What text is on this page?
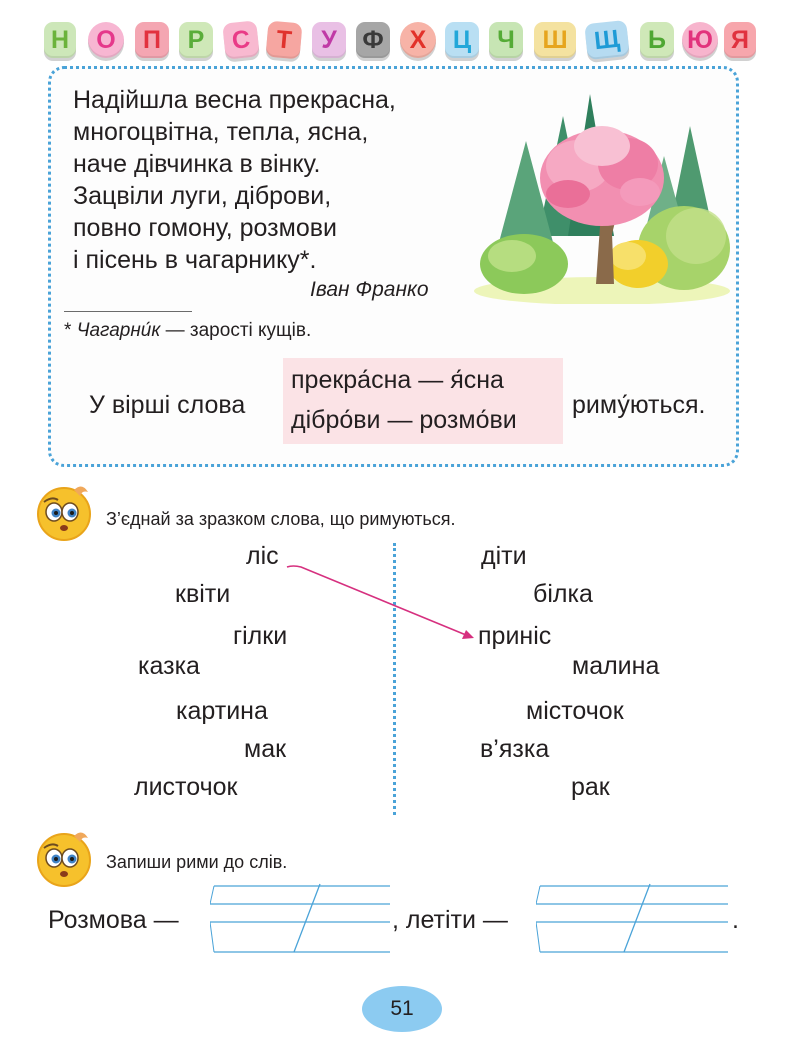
Н О П Р С Т У Ф Х Ц Ч Ш Щ Ь Ю Я
Надійшла весна прекрасна,
многоцвітна, тепла, ясна,
наче дівчинка в вінку.
Зацвіли луги, діброви,
повно гомону, розмови
і пісень в чагарнику*.
Іван Франко
* Чагарни́к — зарості кущів.
У вірші слова
прекра́сна — я́сна
дібро́ви — розмо́ви
риму́ються.
З’єднай за зразком слова, що римуються.
ліс
квіти
гілки
казка
картина
мак
листочок
діти
білка
приніс
малина
місточок
в’язка
рак
Запиши рими до слів.
Розмова —	, летіти —	.
51
